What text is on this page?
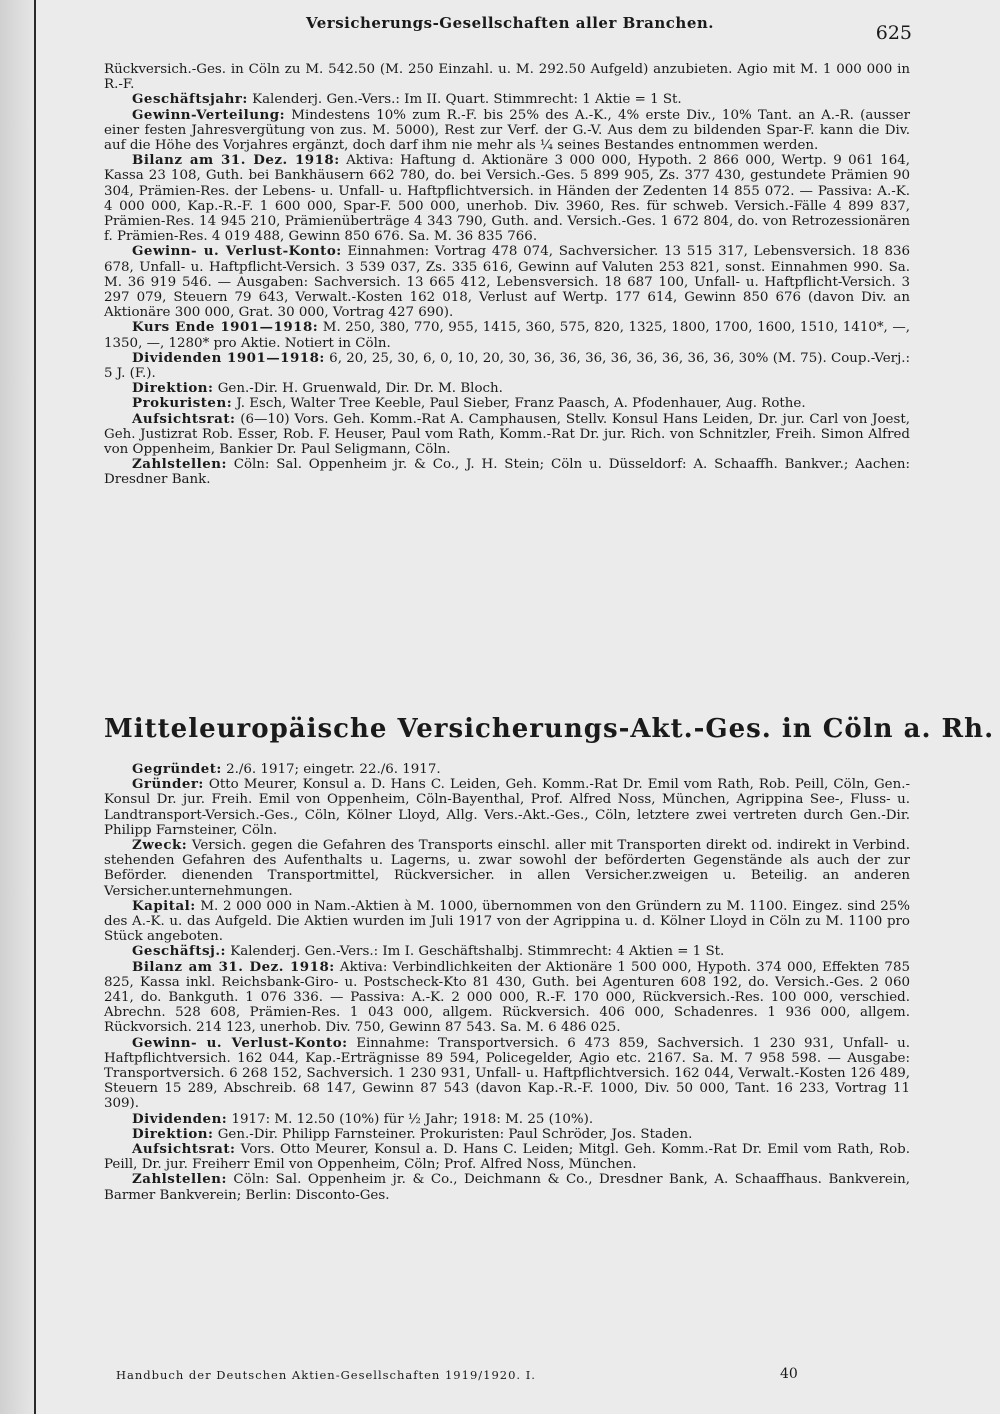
Versicherungs-Gesellschaften aller Branchen.	625

Rückversich.-Ges. in Cöln zu M. 542.50 (M. 250 Einzahl. u. M. 292.50 Aufgeld) anzubieten. Agio mit M. 1 000 000 in R.-F.

Geschäftsjahr: Kalenderj. Gen.-Vers.: Im II. Quart. Stimmrecht: 1 Aktie = 1 St.

Gewinn-Verteilung: Mindestens 10% zum R.-F. bis 25% des A.-K., 4% erste Div., 10% Tant. an A.-R. (ausser einer festen Jahresvergütung von zus. M. 5000), Rest zur Verf. der G.-V. Aus dem zu bildenden Spar-F. kann die Div. auf die Höhe des Vorjahres ergänzt, doch darf ihm nie mehr als ¼ seines Bestandes entnommen werden.

Bilanz am 31. Dez. 1918: Aktiva: Haftung d. Aktionäre 3 000 000, Hypoth. 2 866 000, Wertp. 9 061 164, Kassa 23 108, Guth. bei Bankhäusern 662 780, do. bei Versich.-Ges. 5 899 905, Zs. 377 430, gestundete Prämien 90 304, Prämien-Res. der Lebens- u. Unfall- u. Haftpflichtversich. in Händen der Zedenten 14 855 072. — Passiva: A.-K. 4 000 000, Kap.-R.-F. 1 600 000, Spar-F. 500 000, unerhob. Div. 3960, Res. für schweb. Versich.-Fälle 4 899 837, Prämien-Res. 14 945 210, Prämienüberträge 4 343 790, Guth. and. Versich.-Ges. 1 672 804, do. von Retrozessionären f. Prämien-Res. 4 019 488, Gewinn 850 676. Sa. M. 36 835 766.

Gewinn- u. Verlust-Konto: Einnahmen: Vortrag 478 074, Sachversicher. 13 515 317, Lebensversich. 18 836 678, Unfall- u. Haftpflicht-Versich. 3 539 037, Zs. 335 616, Gewinn auf Valuten 253 821, sonst. Einnahmen 990. Sa. M. 36 919 546. — Ausgaben: Sachversich. 13 665 412, Lebensversich. 18 687 100, Unfall- u. Haftpflicht-Versich. 3 297 079, Steuern 79 643, Verwalt.-Kosten 162 018, Verlust auf Wertp. 177 614, Gewinn 850 676 (davon Div. an Aktionäre 300 000, Grat. 30 000, Vortrag 427 690).

Kurs Ende 1901—1918: M. 250, 380, 770, 955, 1415, 360, 575, 820, 1325, 1800, 1700, 1600, 1510, 1410*, —, 1350, —, 1280* pro Aktie. Notiert in Cöln.

Dividenden 1901—1918: 6, 20, 25, 30, 6, 0, 10, 20, 30, 36, 36, 36, 36, 36, 36, 36, 36, 30% (M. 75). Coup.-Verj.: 5 J. (F.).

Direktion: Gen.-Dir. H. Gruenwald, Dir. Dr. M. Bloch.

Prokuristen: J. Esch, Walter Tree Keeble, Paul Sieber, Franz Paasch, A. Pfodenhauer, Aug. Rothe.

Aufsichtsrat: (6—10) Vors. Geh. Komm.-Rat A. Camphausen, Stellv. Konsul Hans Leiden, Dr. jur. Carl von Joest, Geh. Justizrat Rob. Esser, Rob. F. Heuser, Paul vom Rath, Komm.-Rat Dr. jur. Rich. von Schnitzler, Freih. Simon Alfred von Oppenheim, Bankier Dr. Paul Seligmann, Cöln.

Zahlstellen: Cöln: Sal. Oppenheim jr. & Co., J. H. Stein; Cöln u. Düsseldorf: A. Schaaffh. Bankver.; Aachen: Dresdner Bank.

Mitteleuropäische Versicherungs-Akt.-Ges. in Cöln a. Rh.

Gegründet: 2./6. 1917; eingetr. 22./6. 1917.

Gründer: Otto Meurer, Konsul a. D. Hans C. Leiden, Geh. Komm.-Rat Dr. Emil vom Rath, Rob. Peill, Cöln, Gen.-Konsul Dr. jur. Freih. Emil von Oppenheim, Cöln-Bayenthal, Prof. Alfred Noss, München, Agrippina See-, Fluss- u. Landtransport-Versich.-Ges., Cöln, Kölner Lloyd, Allg. Vers.-Akt.-Ges., Cöln, letztere zwei vertreten durch Gen.-Dir. Philipp Farnsteiner, Cöln.

Zweck: Versich. gegen die Gefahren des Transports einschl. aller mit Transporten direkt od. indirekt in Verbind. stehenden Gefahren des Aufenthalts u. Lagerns, u. zwar sowohl der beförderten Gegenstände als auch der zur Beförder. dienenden Transportmittel, Rückversicher. in allen Versicher.zweigen u. Beteilig. an anderen Versicher.unternehmungen.

Kapital: M. 2 000 000 in Nam.-Aktien à M. 1000, übernommen von den Gründern zu M. 1100. Eingez. sind 25% des A.-K. u. das Aufgeld. Die Aktien wurden im Juli 1917 von der Agrippina u. d. Kölner Lloyd in Cöln zu M. 1100 pro Stück angeboten.

Geschäftsj.: Kalenderj. Gen.-Vers.: Im I. Geschäftshalbj. Stimmrecht: 4 Aktien = 1 St.

Bilanz am 31. Dez. 1918: Aktiva: Verbindlichkeiten der Aktionäre 1 500 000, Hypoth. 374 000, Effekten 785 825, Kassa inkl. Reichsbank-Giro- u. Postscheck-Kto 81 430, Guth. bei Agenturen 608 192, do. Versich.-Ges. 2 060 241, do. Bankguth. 1 076 336. — Passiva: A.-K. 2 000 000, R.-F. 170 000, Rückversich.-Res. 100 000, verschied. Abrechn. 528 608, Prämien-Res. 1 043 000, allgem. Rückversich. 406 000, Schadenres. 1 936 000, allgem. Rückvorsich. 214 123, unerhob. Div. 750, Gewinn 87 543. Sa. M. 6 486 025.

Gewinn- u. Verlust-Konto: Einnahme: Transportversich. 6 473 859, Sachversich. 1 230 931, Unfall- u. Haftpflichtversich. 162 044, Kap.-Erträgnisse 89 594, Policegelder, Agio etc. 2167. Sa. M. 7 958 598. — Ausgabe: Transportversich. 6 268 152, Sachversich. 1 230 931, Unfall- u. Haftpflichtversich. 162 044, Verwalt.-Kosten 126 489, Steuern 15 289, Abschreib. 68 147, Gewinn 87 543 (davon Kap.-R.-F. 1000, Div. 50 000, Tant. 16 233, Vortrag 11 309).

Dividenden: 1917: M. 12.50 (10%) für ½ Jahr; 1918: M. 25 (10%).

Direktion: Gen.-Dir. Philipp Farnsteiner. Prokuristen: Paul Schröder, Jos. Staden.

Aufsichtsrat: Vors. Otto Meurer, Konsul a. D. Hans C. Leiden; Mitgl. Geh. Komm.-Rat Dr. Emil vom Rath, Rob. Peill, Dr. jur. Freiherr Emil von Oppenheim, Cöln; Prof. Alfred Noss, München.

Zahlstellen: Cöln: Sal. Oppenheim jr. & Co., Deichmann & Co., Dresdner Bank, A. Schaaffhaus. Bankverein, Barmer Bankverein; Berlin: Disconto-Ges.

Handbuch der Deutschen Aktien-Gesellschaften 1919/1920. I.	40
